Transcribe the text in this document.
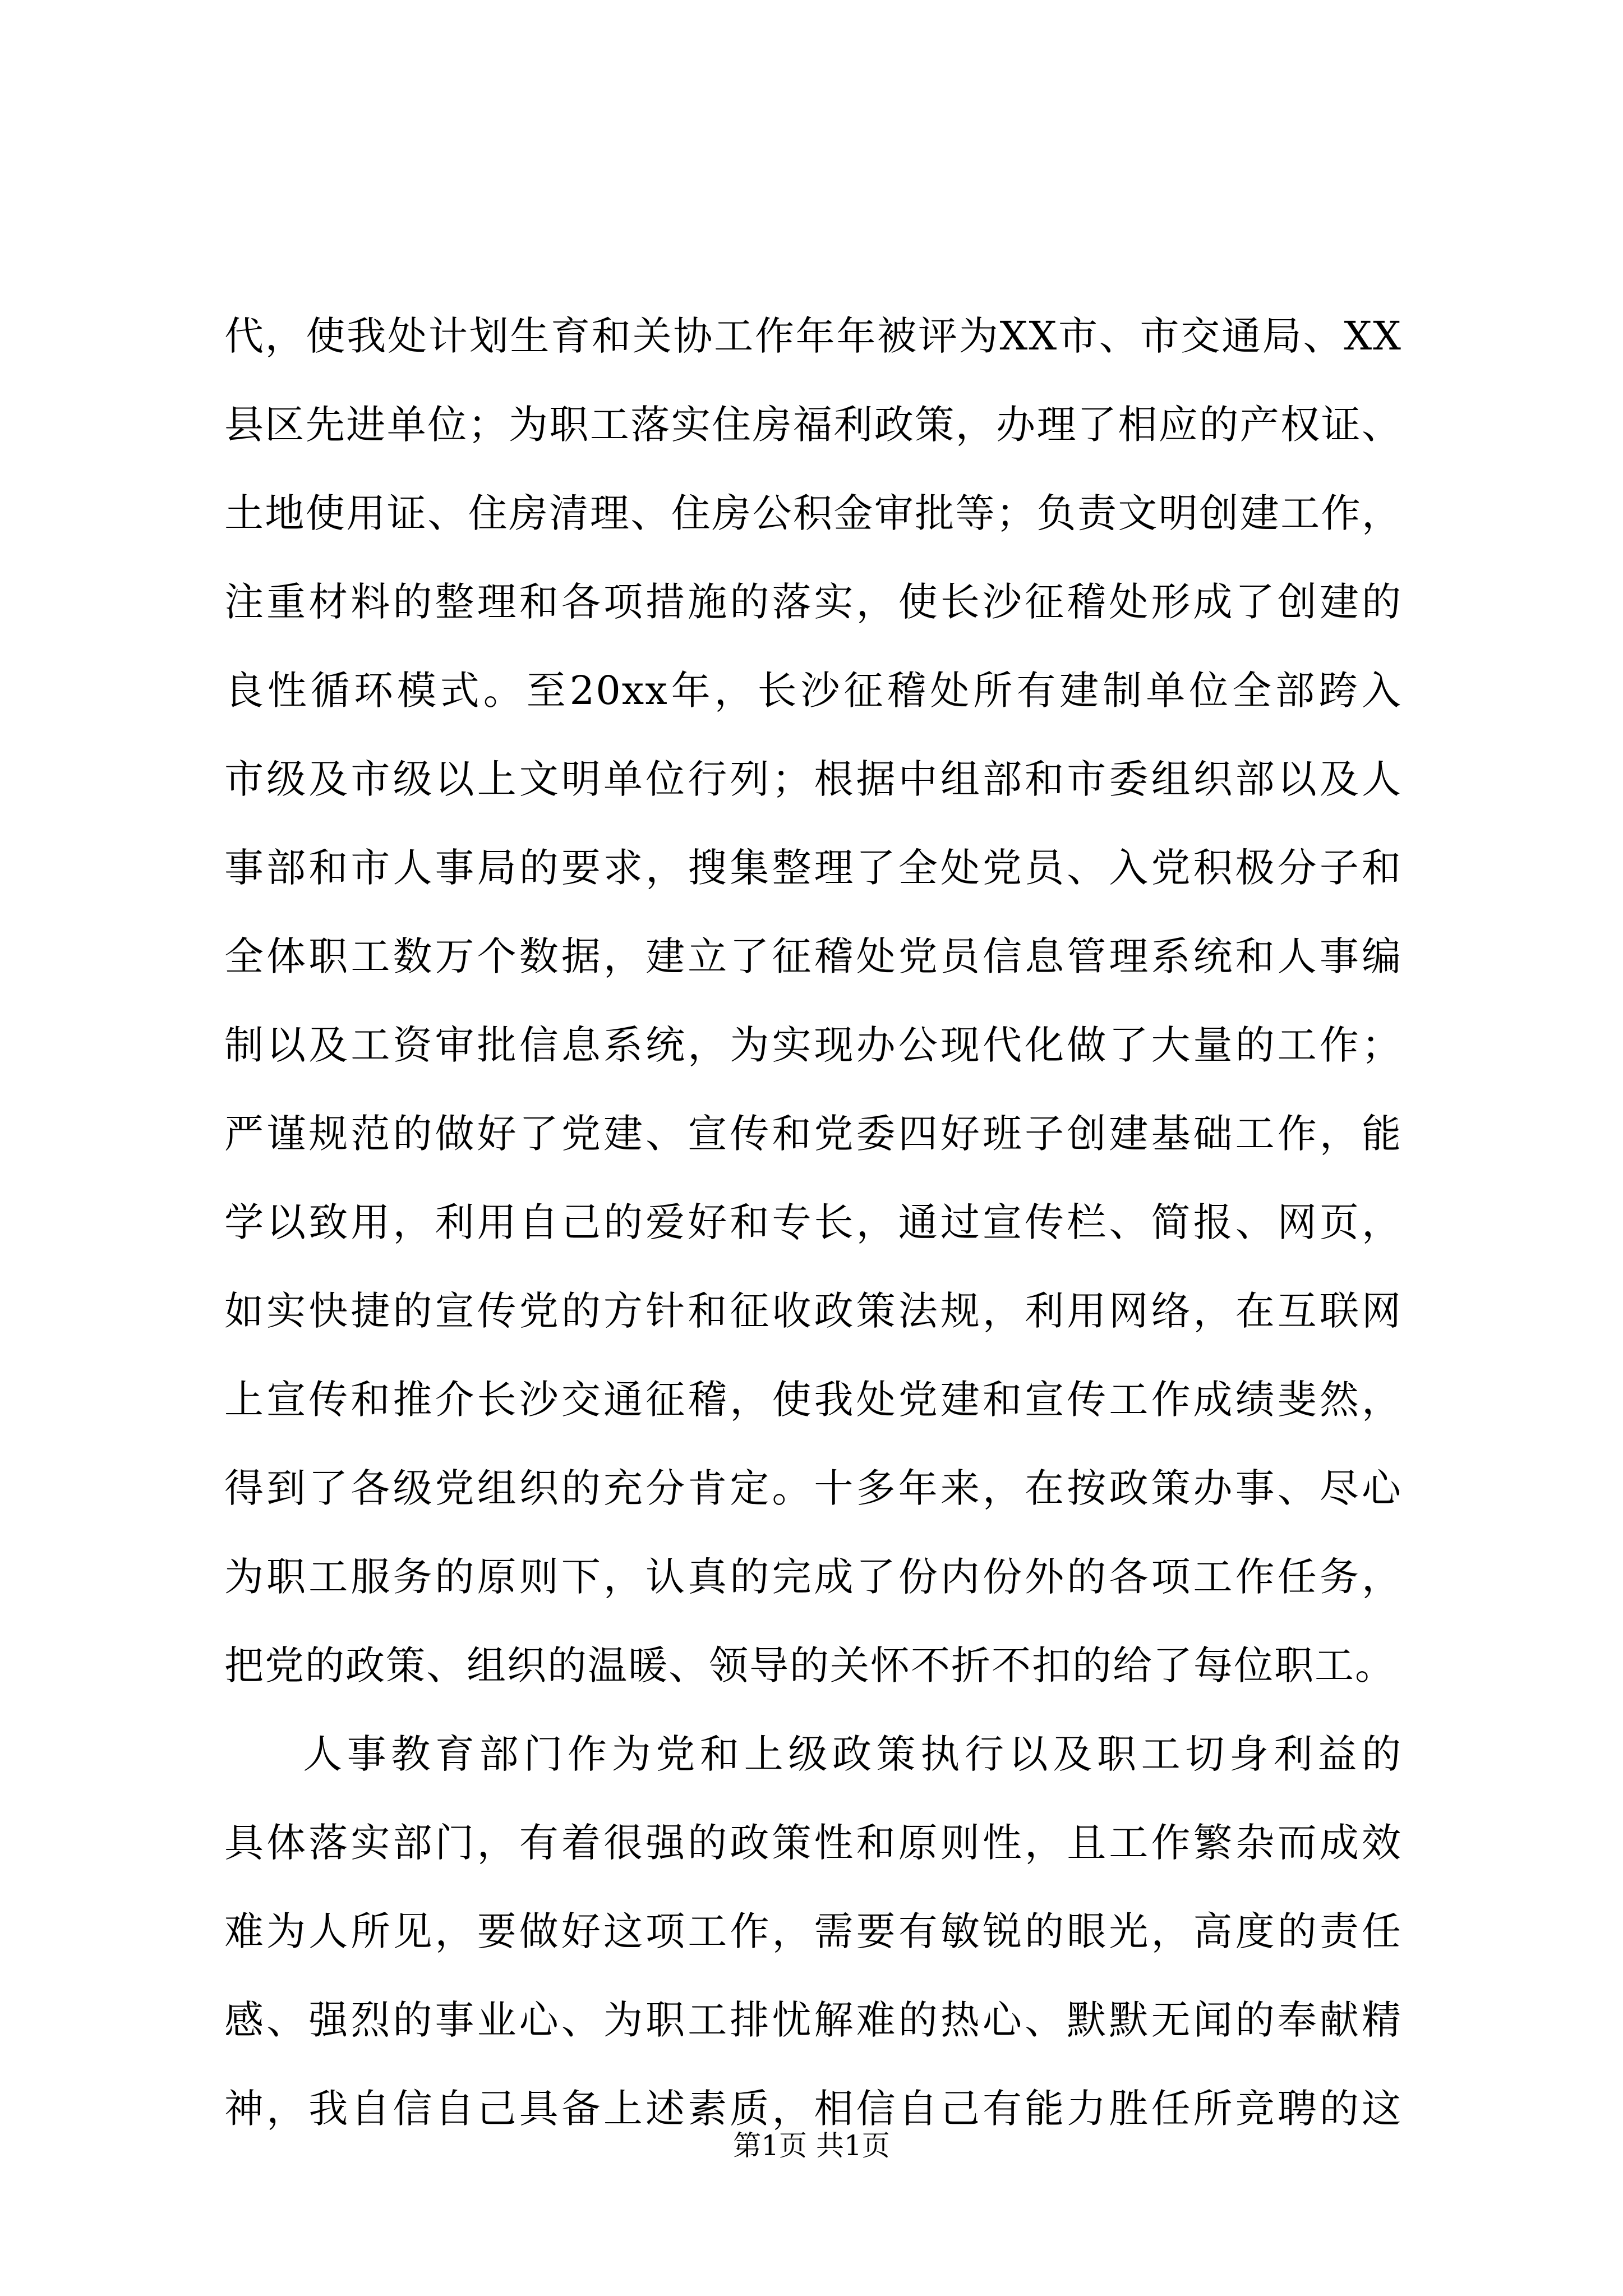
代，使我处计划生育和关协工作年年被评为XX市、市交通局、XX
县区先进单位；为职工落实住房福利政策，办理了相应的产权证、
土地使用证、住房清理、住房公积金审批等；负责文明创建工作，
注重材料的整理和各项措施的落实，使长沙征稽处形成了创建的
良性循环模式。至20xx年，长沙征稽处所有建制单位全部跨入
市级及市级以上文明单位行列；根据中组部和市委组织部以及人
事部和市人事局的要求，搜集整理了全处党员、入党积极分子和
全体职工数万个数据，建立了征稽处党员信息管理系统和人事编
制以及工资审批信息系统，为实现办公现代化做了大量的工作；
严谨规范的做好了党建、宣传和党委四好班子创建基础工作，能
学以致用，利用自己的爱好和专长，通过宣传栏、简报、网页，
如实快捷的宣传党的方针和征收政策法规，利用网络，在互联网
上宣传和推介长沙交通征稽，使我处党建和宣传工作成绩斐然，
得到了各级党组织的充分肯定。十多年来，在按政策办事、尽心
为职工服务的原则下，认真的完成了份内份外的各项工作任务，
把党的政策、组织的温暖、领导的关怀不折不扣的给了每位职工。
人事教育部门作为党和上级政策执行以及职工切身利益的
具体落实部门，有着很强的政策性和原则性，且工作繁杂而成效
难为人所见，要做好这项工作，需要有敏锐的眼光，高度的责任
感、强烈的事业心、为职工排忧解难的热心、默默无闻的奉献精
神，我自信自己具备上述素质，相信自己有能力胜任所竞聘的这
第1页 共1页
